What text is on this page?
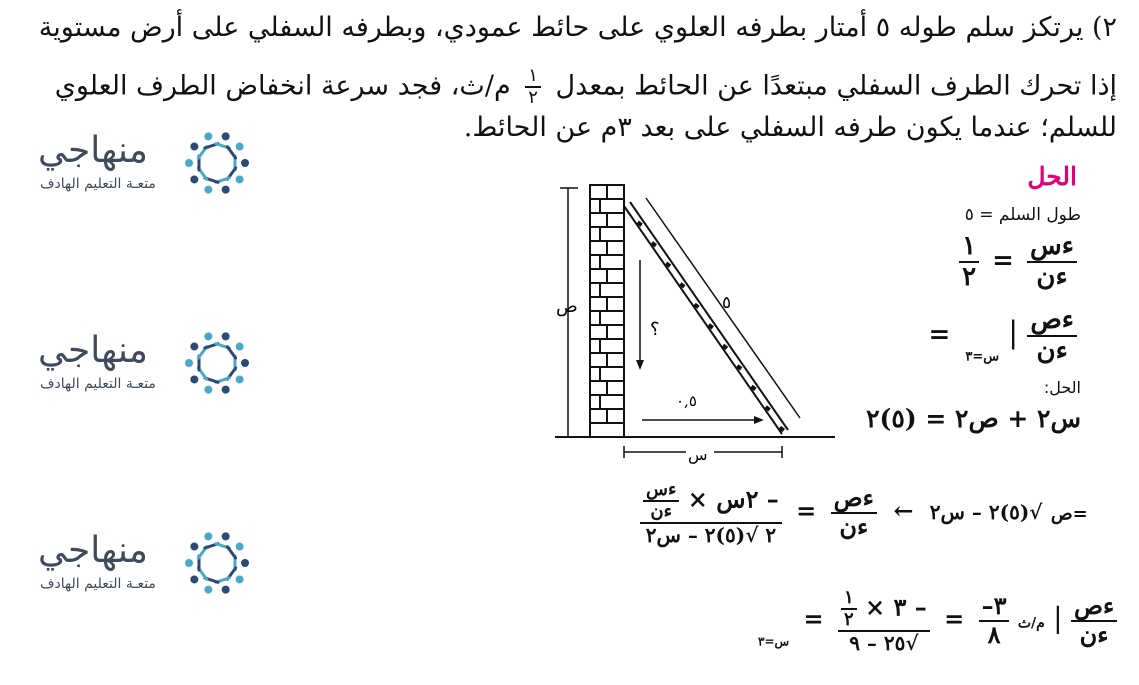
٢) يرتكز سلم طوله ٥ أمتار بطرفه العلوي على حائط عمودي، وبطرفه السفلي على أرض مستوية
إذا تحرك الطرف السفلي مبتعدًا عن الحائط بمعدل
$\frac{١}{٢}$
م/ث، فجد سرعة انخفاض الطرف العلوي
للسلم؛ عندما يكون طرفه السفلي على بعد ٣م عن الحائط.
الحل
طول السلم = ٥
$\frac{١}{٢} = \frac{\text{ءس}}{\text{ءن}}$
= $_{س=٣}$ | $\frac{\text{ءص}}{\text{ءن}}$
الحل:
س٢ + ص٢ = (٥)٢
ص	٥
؟
٠,٥
س
– ٢س ×
$\frac{\text{ءس}}{\text{ءن}}$
٢ √(٥)٢ – س٢ = $\frac{\text{ءص}}{\text{ءن}}$ ← √(٥)٢ – س٢ ص=
م/ث
$\frac{-٣}{٨}$
=
– ٣ ×
$\frac{١}{٢}$
√٢٥ – ٩
= $_{س=٣}$ | $\frac{\text{ءص}}{\text{ءن}}$
منهاجي
متعـة التعليم الهادف
منهاجي
متعـة التعليم الهادف
منهاجي
متعـة التعليم الهادف
